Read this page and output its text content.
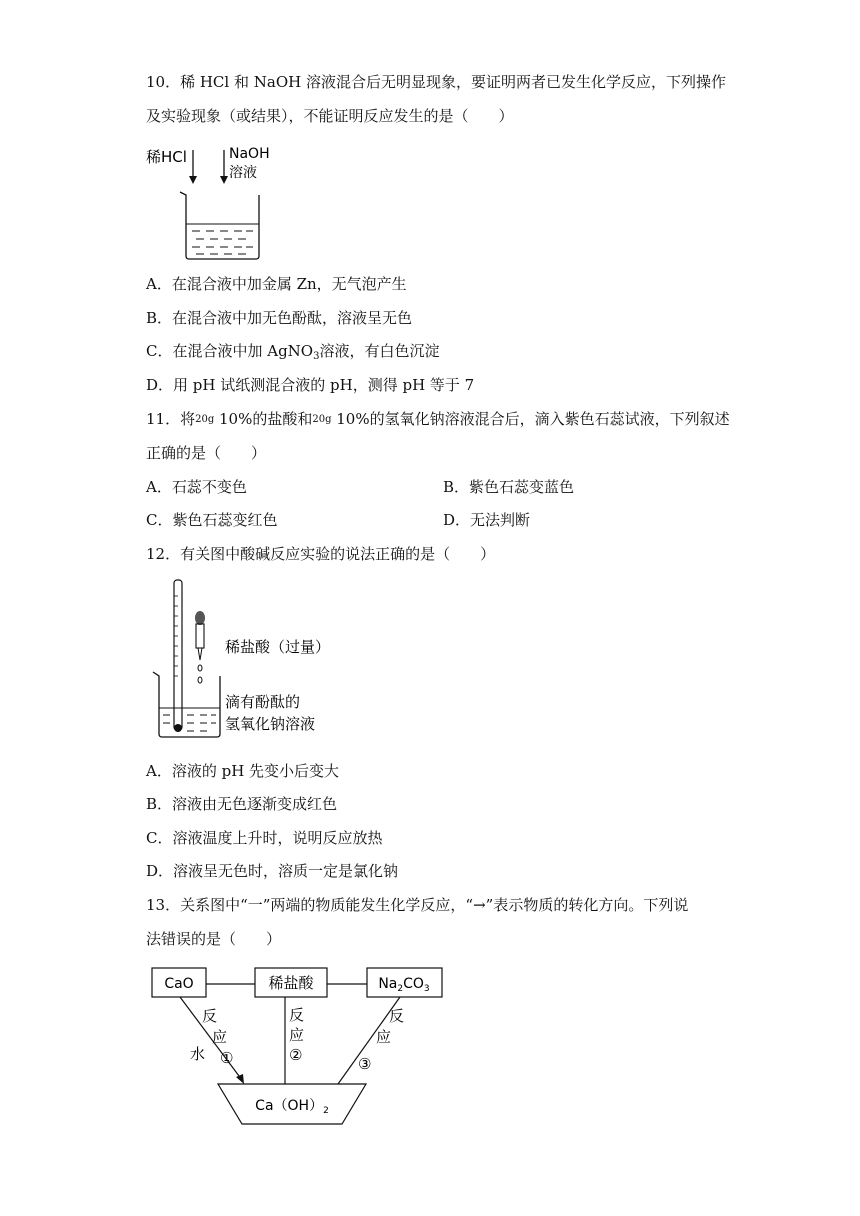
10．稀 HCl 和 NaOH 溶液混合后无明显现象，要证明两者已发生化学反应，下列操作
及实验现象（或结果），不能证明反应发生的是（　　）
稀HCl	NaOH
溶液
A．在混合液中加金属 Zn，无气泡产生
B．在混合液中加无色酚酞，溶液呈无色
C．在混合液中加 AgNO$_3$溶液，有白色沉淀
D．用 pH 试纸测混合液的 pH，测得 pH 等于 7
11．将20g 10%的盐酸和20g 10%的氢氧化钠溶液混合后，滴入紫色石蕊试液，下列叙述
正确的是（　　）
A．石蕊不变色	B．紫色石蕊变蓝色
C．紫色石蕊变红色	D．无法判断
12．有关图中酸碱反应实验的说法正确的是（　　）
稀盐酸（过量）
滴有酚酞的
氢氧化钠溶液
A．溶液的 pH 先变小后变大
B．溶液由无色逐渐变成红色
C．溶液温度上升时，说明反应放热
D．溶液呈无色时，溶质一定是氯化钠
13．关系图中“一”两端的物质能发生化学反应，“→”表示物质的转化方向。下列说
法错误的是（　　）
CaO	稀盐酸	$Na_2CO_3$
$Ca(OH)_2$
反
应
水 ①
反
应
②
反
应
③
